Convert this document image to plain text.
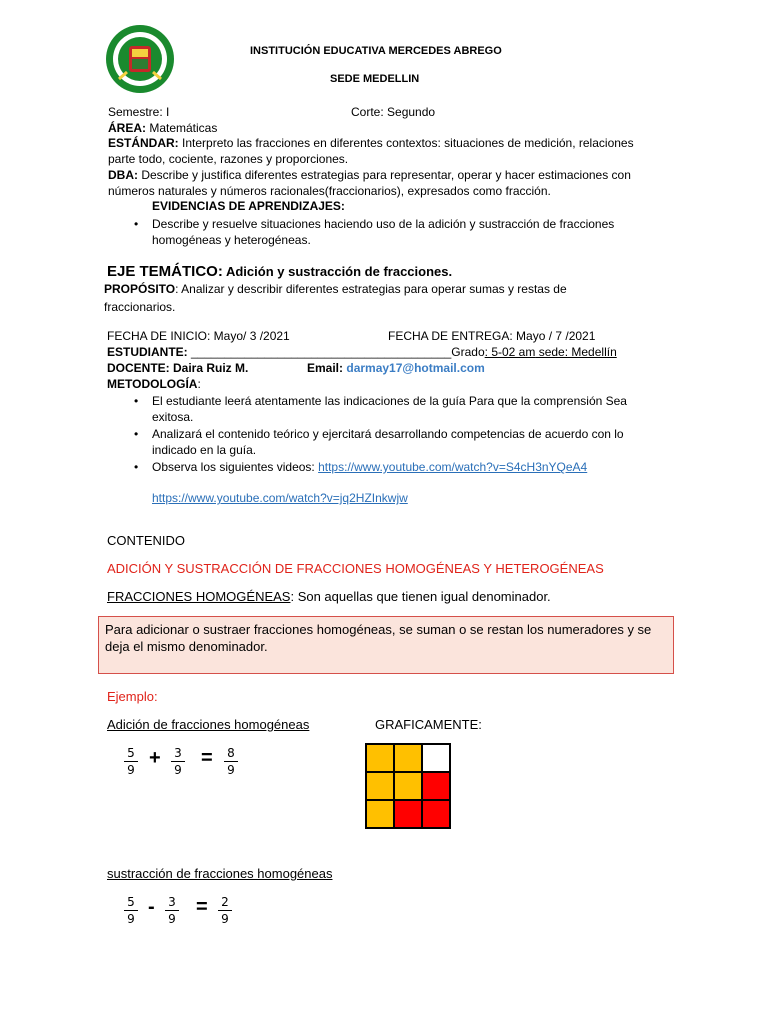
INSTITUCIÓN EDUCATIVA MERCEDES ABREGO
SEDE MEDELLIN
Semestre: I	Corte: Segundo
ÁREA: Matemáticas
ESTÁNDAR: Interpreto las fracciones en diferentes contextos: situaciones de medición, relaciones
parte todo, cociente, razones y proporciones.
DBA: Describe y justifica diferentes estrategias para representar, operar y hacer estimaciones con
números naturales y números racionales(fraccionarios), expresados como fracción.
EVIDENCIAS DE APRENDIZAJES:
• Describe y resuelve situaciones haciendo uso de la adición y sustracción de fracciones homogéneas y heterogéneas.
EJE TEMÁTICO: Adición y sustracción de fracciones.
PROPÓSITO: Analizar y describir diferentes estrategias para operar sumas y restas de
fraccionarios.
FECHA DE INICIO: Mayo/ 3 /2021	FECHA DE ENTREGA: Mayo / 7 /2021
ESTUDIANTE: _______________________________________Grado: 5-02 am sede: Medellín
DOCENTE: Daira Ruiz M.	Email: darmay17@hotmail.com
METODOLOGÍA:
• El estudiante leerá atentamente las indicaciones de la guía Para que la comprensión Sea exitosa.
• Analizará el contenido teórico y ejercitará desarrollando competencias de acuerdo con lo indicado en la guía.
• Observa los siguientes videos: https://www.youtube.com/watch?v=S4cH3nYQeA4
https://www.youtube.com/watch?v=jq2HZInkwjw
CONTENIDO
ADICIÓN Y SUSTRACCIÓN DE FRACCIONES HOMOGÉNEAS Y HETEROGÉNEAS
FRACCIONES HOMOGÉNEAS: Son aquellas que tienen igual denominador.
Para adicionar o sustraer fracciones homogéneas, se suman o se restan los numeradores y se deja el mismo denominador.
Ejemplo:
Adición de fracciones homogéneas	GRAFICAMENTE:
5
9
+ 3
9
= 8
9
sustracción de fracciones homogéneas
5
9
- 3
9
= 2
9
